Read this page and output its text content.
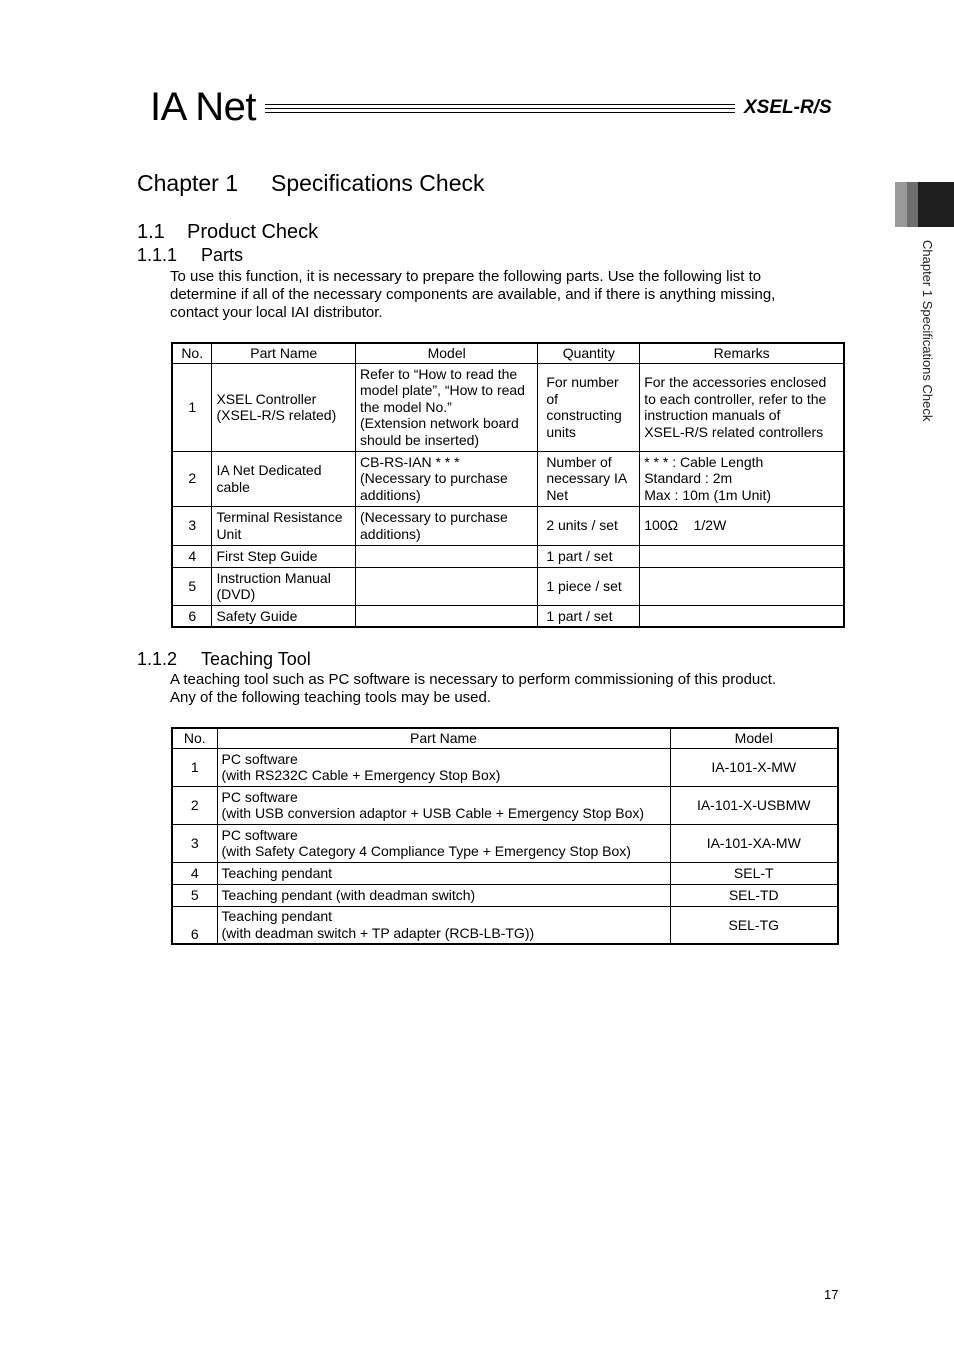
IA Net	XSEL-R/S
Chapter 1 Specifications Check
1.1 Product Check
1.1.1 Parts

To use this function, it is necessary to prepare the following parts. Use the following list to

determine if all of the necessary components are available, and if there is anything missing,

contact your local IAI distributor.

No.	Part Name	Model	Quantity	Remarks
1	XSEL Controller
(XSEL-R/S related)	Refer to “How to read the
model plate”, “How to read
the model No.”
(Extension network board
should be inserted)	For number
of
constructing
units	For the accessories enclosed
to each controller, refer to the
instruction manuals of
XSEL-R/S related controllers
2	IA Net Dedicated
cable	CB-RS-IAN * * *
(Necessary to purchase
additions)	Number of
necessary IA
Net	* * * : Cable Length
Standard : 2m
Max : 10m (1m Unit)
3	Terminal Resistance
Unit	(Necessary to purchase
additions)	2 units / set	100Ω    1/2W
4	First Step Guide		1 part / set	
5	Instruction Manual
(DVD)		1 piece / set	
6	Safety Guide		1 part / set	
1.1.2 Teaching Tool

A teaching tool such as PC software is necessary to perform commissioning of this product.

Any of the following teaching tools may be used.

No.	Part Name	Model
1	PC software
(with RS232C Cable + Emergency Stop Box)	IA-101-X-MW
2	PC software
(with USB conversion adaptor + USB Cable + Emergency Stop Box)	IA-101-X-USBMW
3	PC software
(with Safety Category 4 Compliance Type + Emergency Stop Box)	IA-101-XA-MW
4	Teaching pendant	SEL-T
5	Teaching pendant (with deadman switch)	SEL-TD
6	Teaching pendant
(with deadman switch + TP adapter (RCB-LB-TG))	SEL-TG
Chapter 1 Specifications Check
17
